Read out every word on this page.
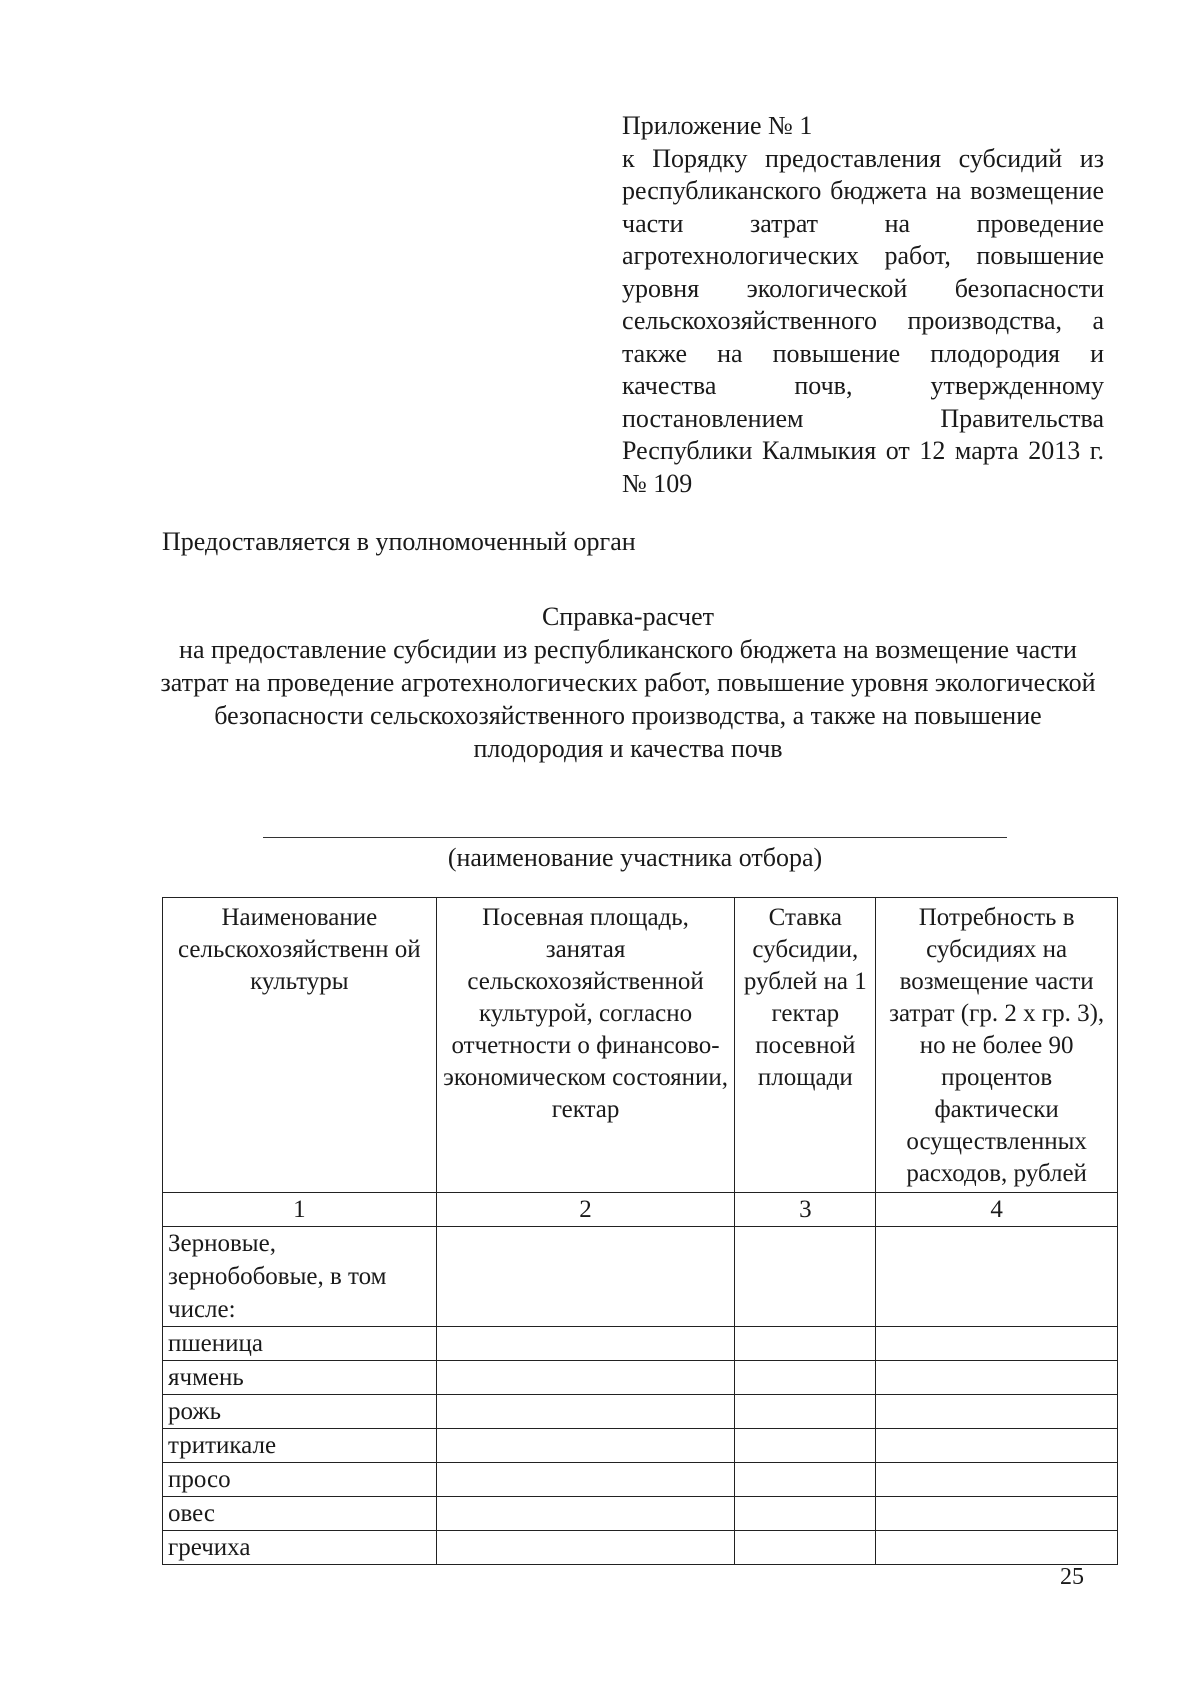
Приложение № 1
к Порядку предоставления субсидий из республиканского бюджета на возмещение части затрат на проведение агротехнологических работ, повышение уровня экологической безопасности сельскохозяйственного производства, а также на повышение плодородия и качества почв, утвержденному постановлением Правительства Республики Калмыкия от 12 марта 2013 г. № 109
Предоставляется в уполномоченный орган
Справка-расчет
на предоставление субсидии из республиканского бюджета на возмещение части затрат на проведение агротехнологических работ, повышение уровня экологической безопасности сельскохозяйственного производства, а также на повышение плодородия и качества почв
(наименование участника отбора)
Наименование сельскохозяйственн ой культуры	Посевная площадь, занятая сельскохозяйственной культурой, согласно отчетности о финансово-экономическом состоянии, гектар	Ставка субсидии, рублей на 1 гектар посевной площади	Потребность в субсидиях на возмещение части затрат (гр. 2 х гр. 3), но не более 90 процентов фактически осуществленных расходов, рублей
1	2	3	4
Зерновые, зернобобовые, в том числе:			
пшеница			
ячмень			
рожь			
тритикале			
просо			
овес			
гречиха			
25
